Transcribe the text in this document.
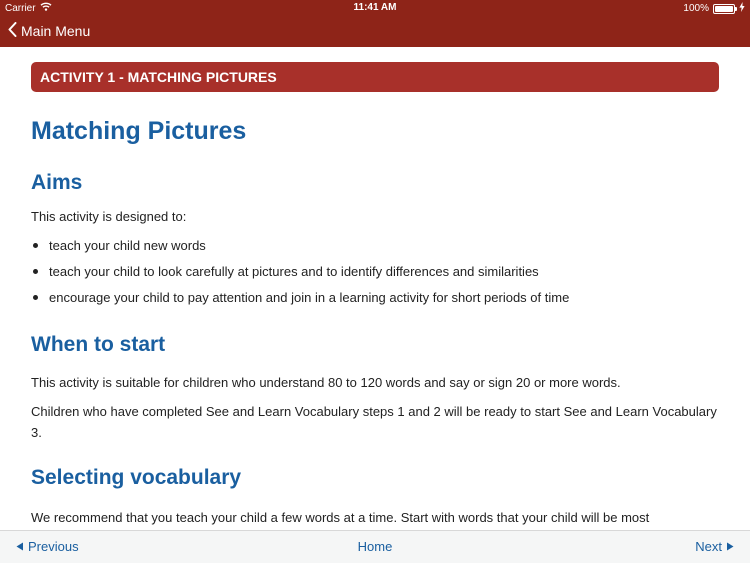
Carrier	11:41 AM	100%
Main Menu
ACTIVITY 1 - MATCHING PICTURES
Matching Pictures
Aims

This activity is designed to:

teach your child new words
teach your child to look carefully at pictures and to identify differences and similarities
encourage your child to pay attention and join in a learning activity for short periods of time
When to start

This activity is suitable for children who understand 80 to 120 words and say or sign 20 or more words.

Children who have completed See and Learn Vocabulary steps 1 and 2 will be ready to start See and Learn Vocabulary 3.

Selecting vocabulary

We recommend that you teach your child a few words at a time. Start with words that your child will be most

Previous	Home	Next
